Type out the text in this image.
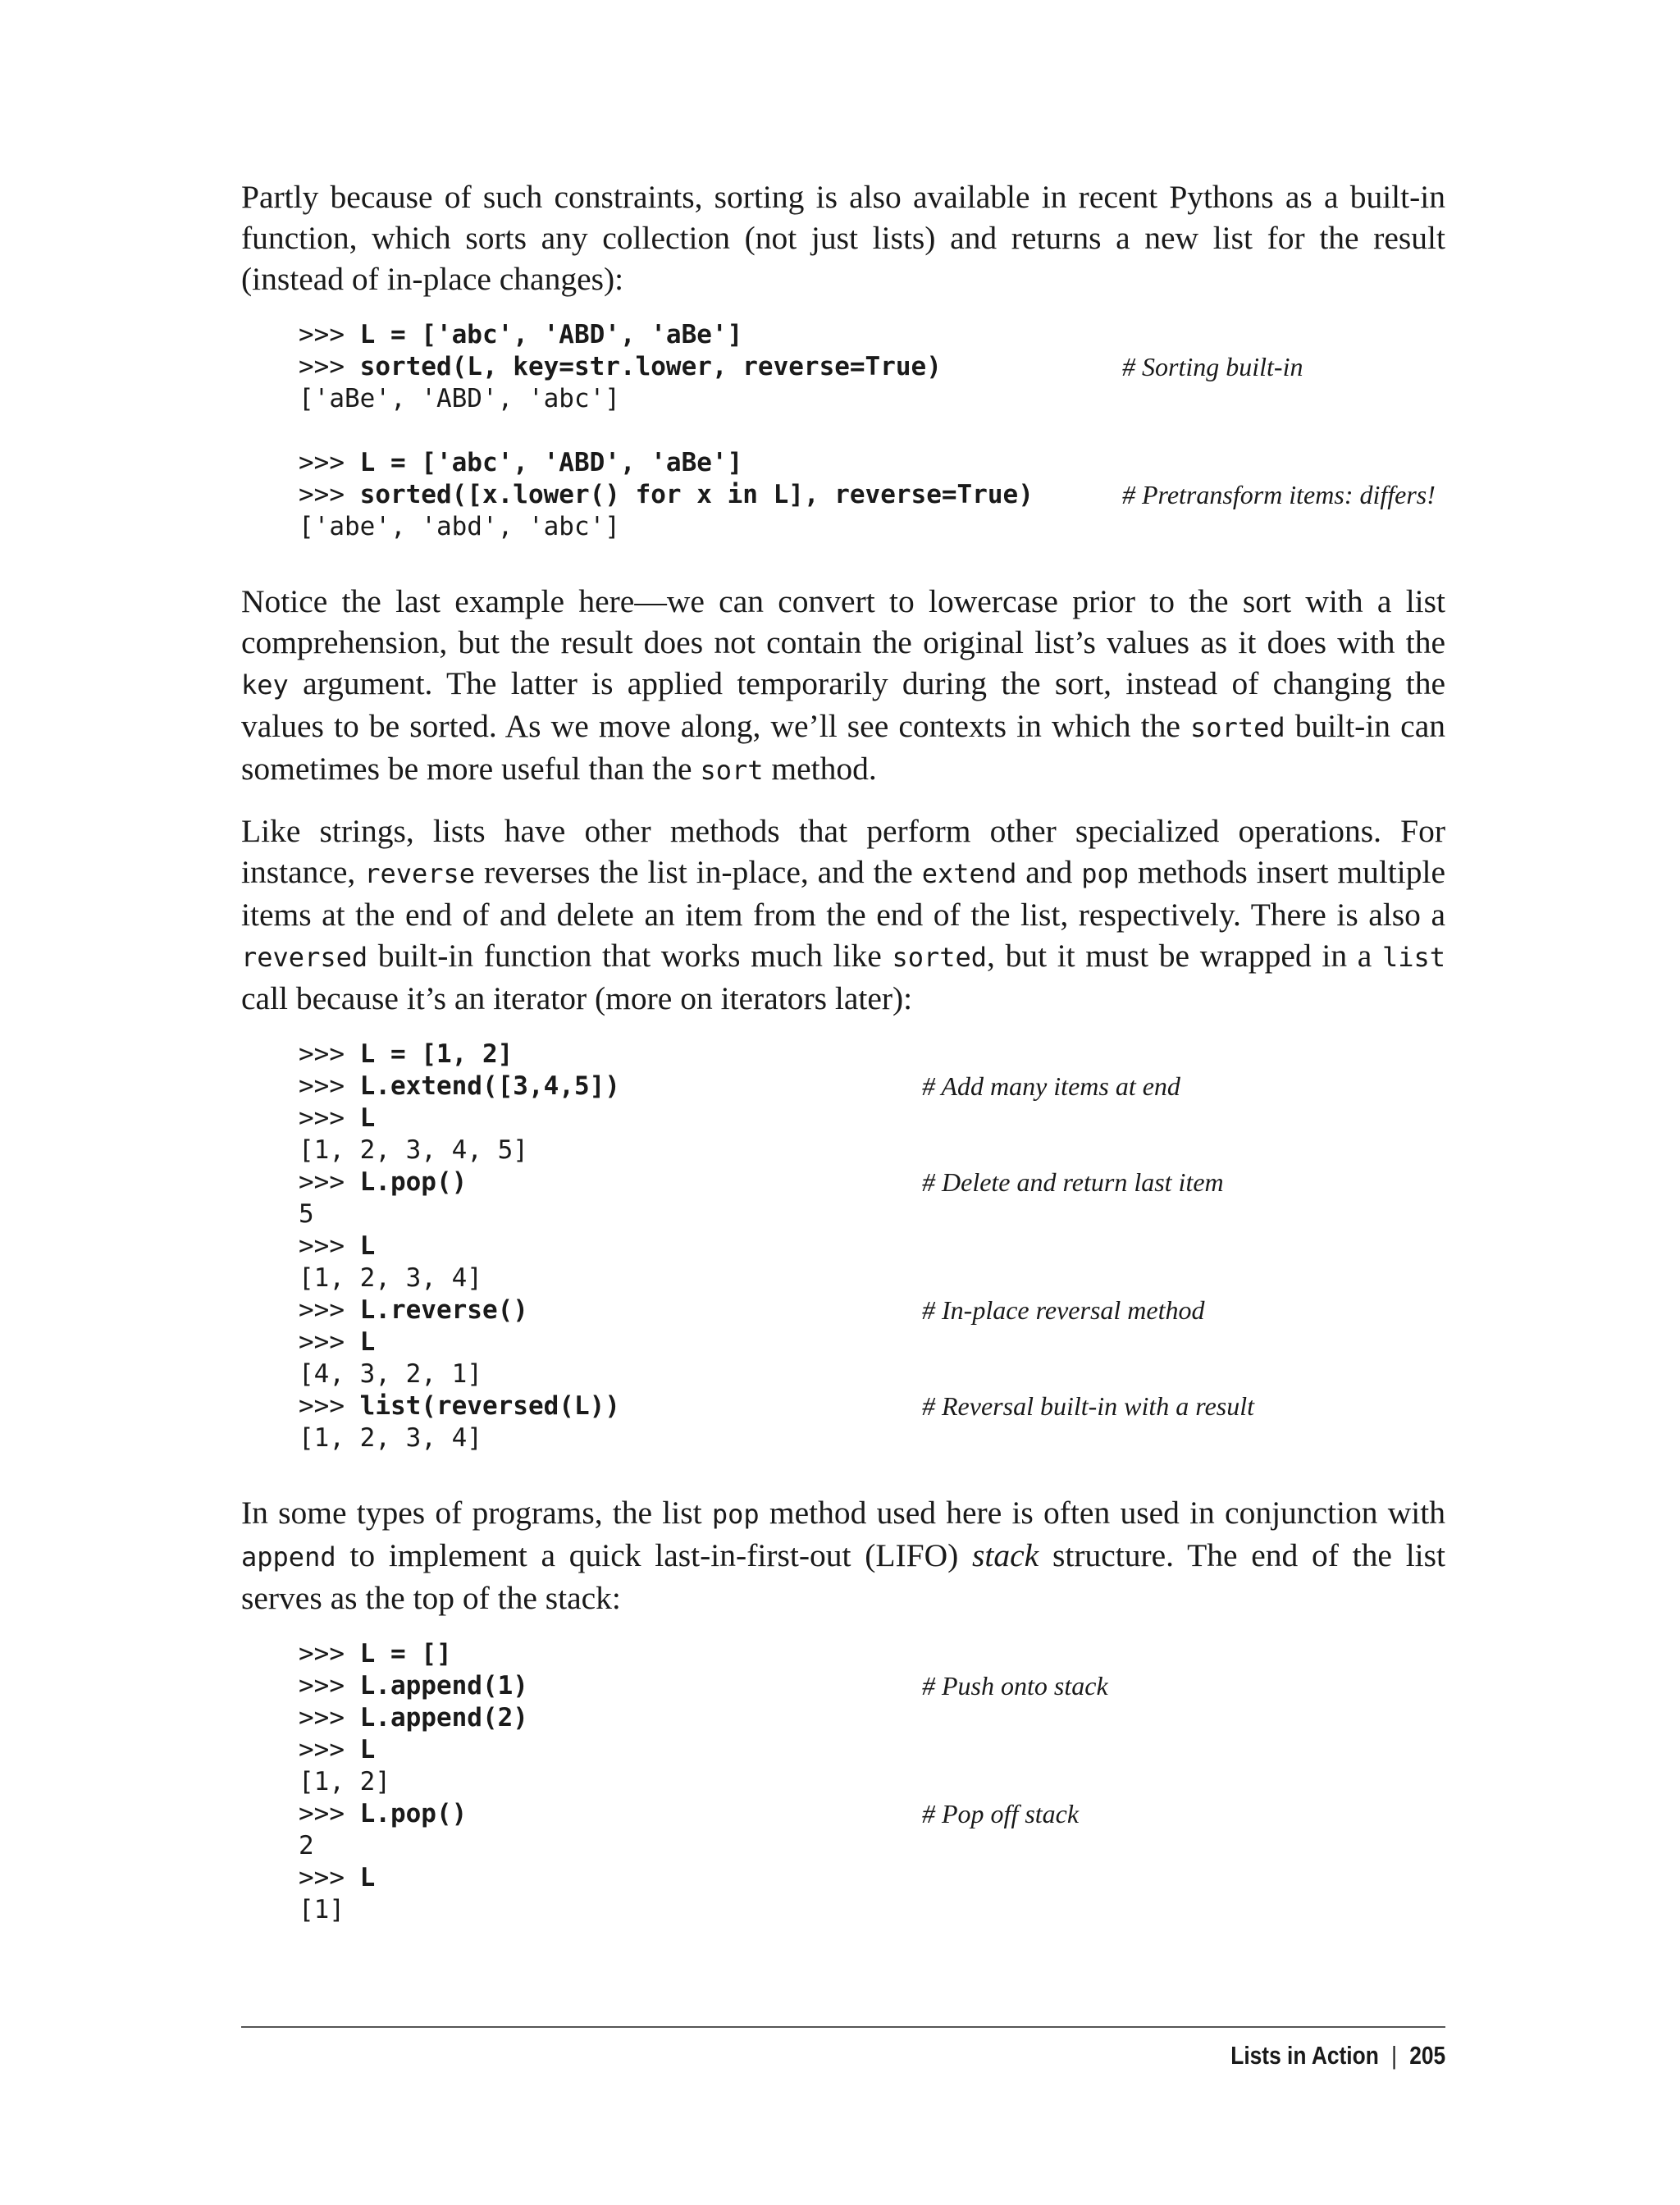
Partly because of such constraints, sorting is also available in recent Pythons as a built-in function, which sorts any collection (not just lists) and returns a new list for the result (instead of in-place changes):

>>> L = ['abc', 'ABD', 'aBe']
>>> sorted(L, key=str.lower, reverse=True)	# Sorting built-in
['aBe', 'ABD', 'abc']
>>> L = ['abc', 'ABD', 'aBe']
>>> sorted([x.lower() for x in L], reverse=True)	# Pretransform items: differs!
['abe', 'abd', 'abc']

Notice the last example here—we can convert to lowercase prior to the sort with a list comprehension, but the result does not contain the original list’s values as it does with the key argument. The latter is applied temporarily during the sort, instead of changing the values to be sorted. As we move along, we’ll see contexts in which the sorted built-in can sometimes be more useful than the sort method.

Like strings, lists have other methods that perform other specialized operations. For instance, reverse reverses the list in-place, and the extend and pop methods insert multiple items at the end of and delete an item from the end of the list, respectively. There is also a reversed built-in function that works much like sorted, but it must be wrapped in a list call because it’s an iterator (more on iterators later):

>>> L = [1, 2]
>>> L.extend([3,4,5])	# Add many items at end
>>> L
[1, 2, 3, 4, 5]
>>> L.pop()	# Delete and return last item
5
>>> L
[1, 2, 3, 4]
>>> L.reverse()	# In-place reversal method
>>> L
[4, 3, 2, 1]
>>> list(reversed(L))	# Reversal built-in with a result
[1, 2, 3, 4]

In some types of programs, the list pop method used here is often used in conjunction with append to implement a quick last-in-first-out (LIFO) stack structure. The end of the list serves as the top of the stack:

>>> L = []
>>> L.append(1)	# Push onto stack
>>> L.append(2)
>>> L
[1, 2]
>>> L.pop()	# Pop off stack
2
>>> L
[1]
Lists in Action | 205
